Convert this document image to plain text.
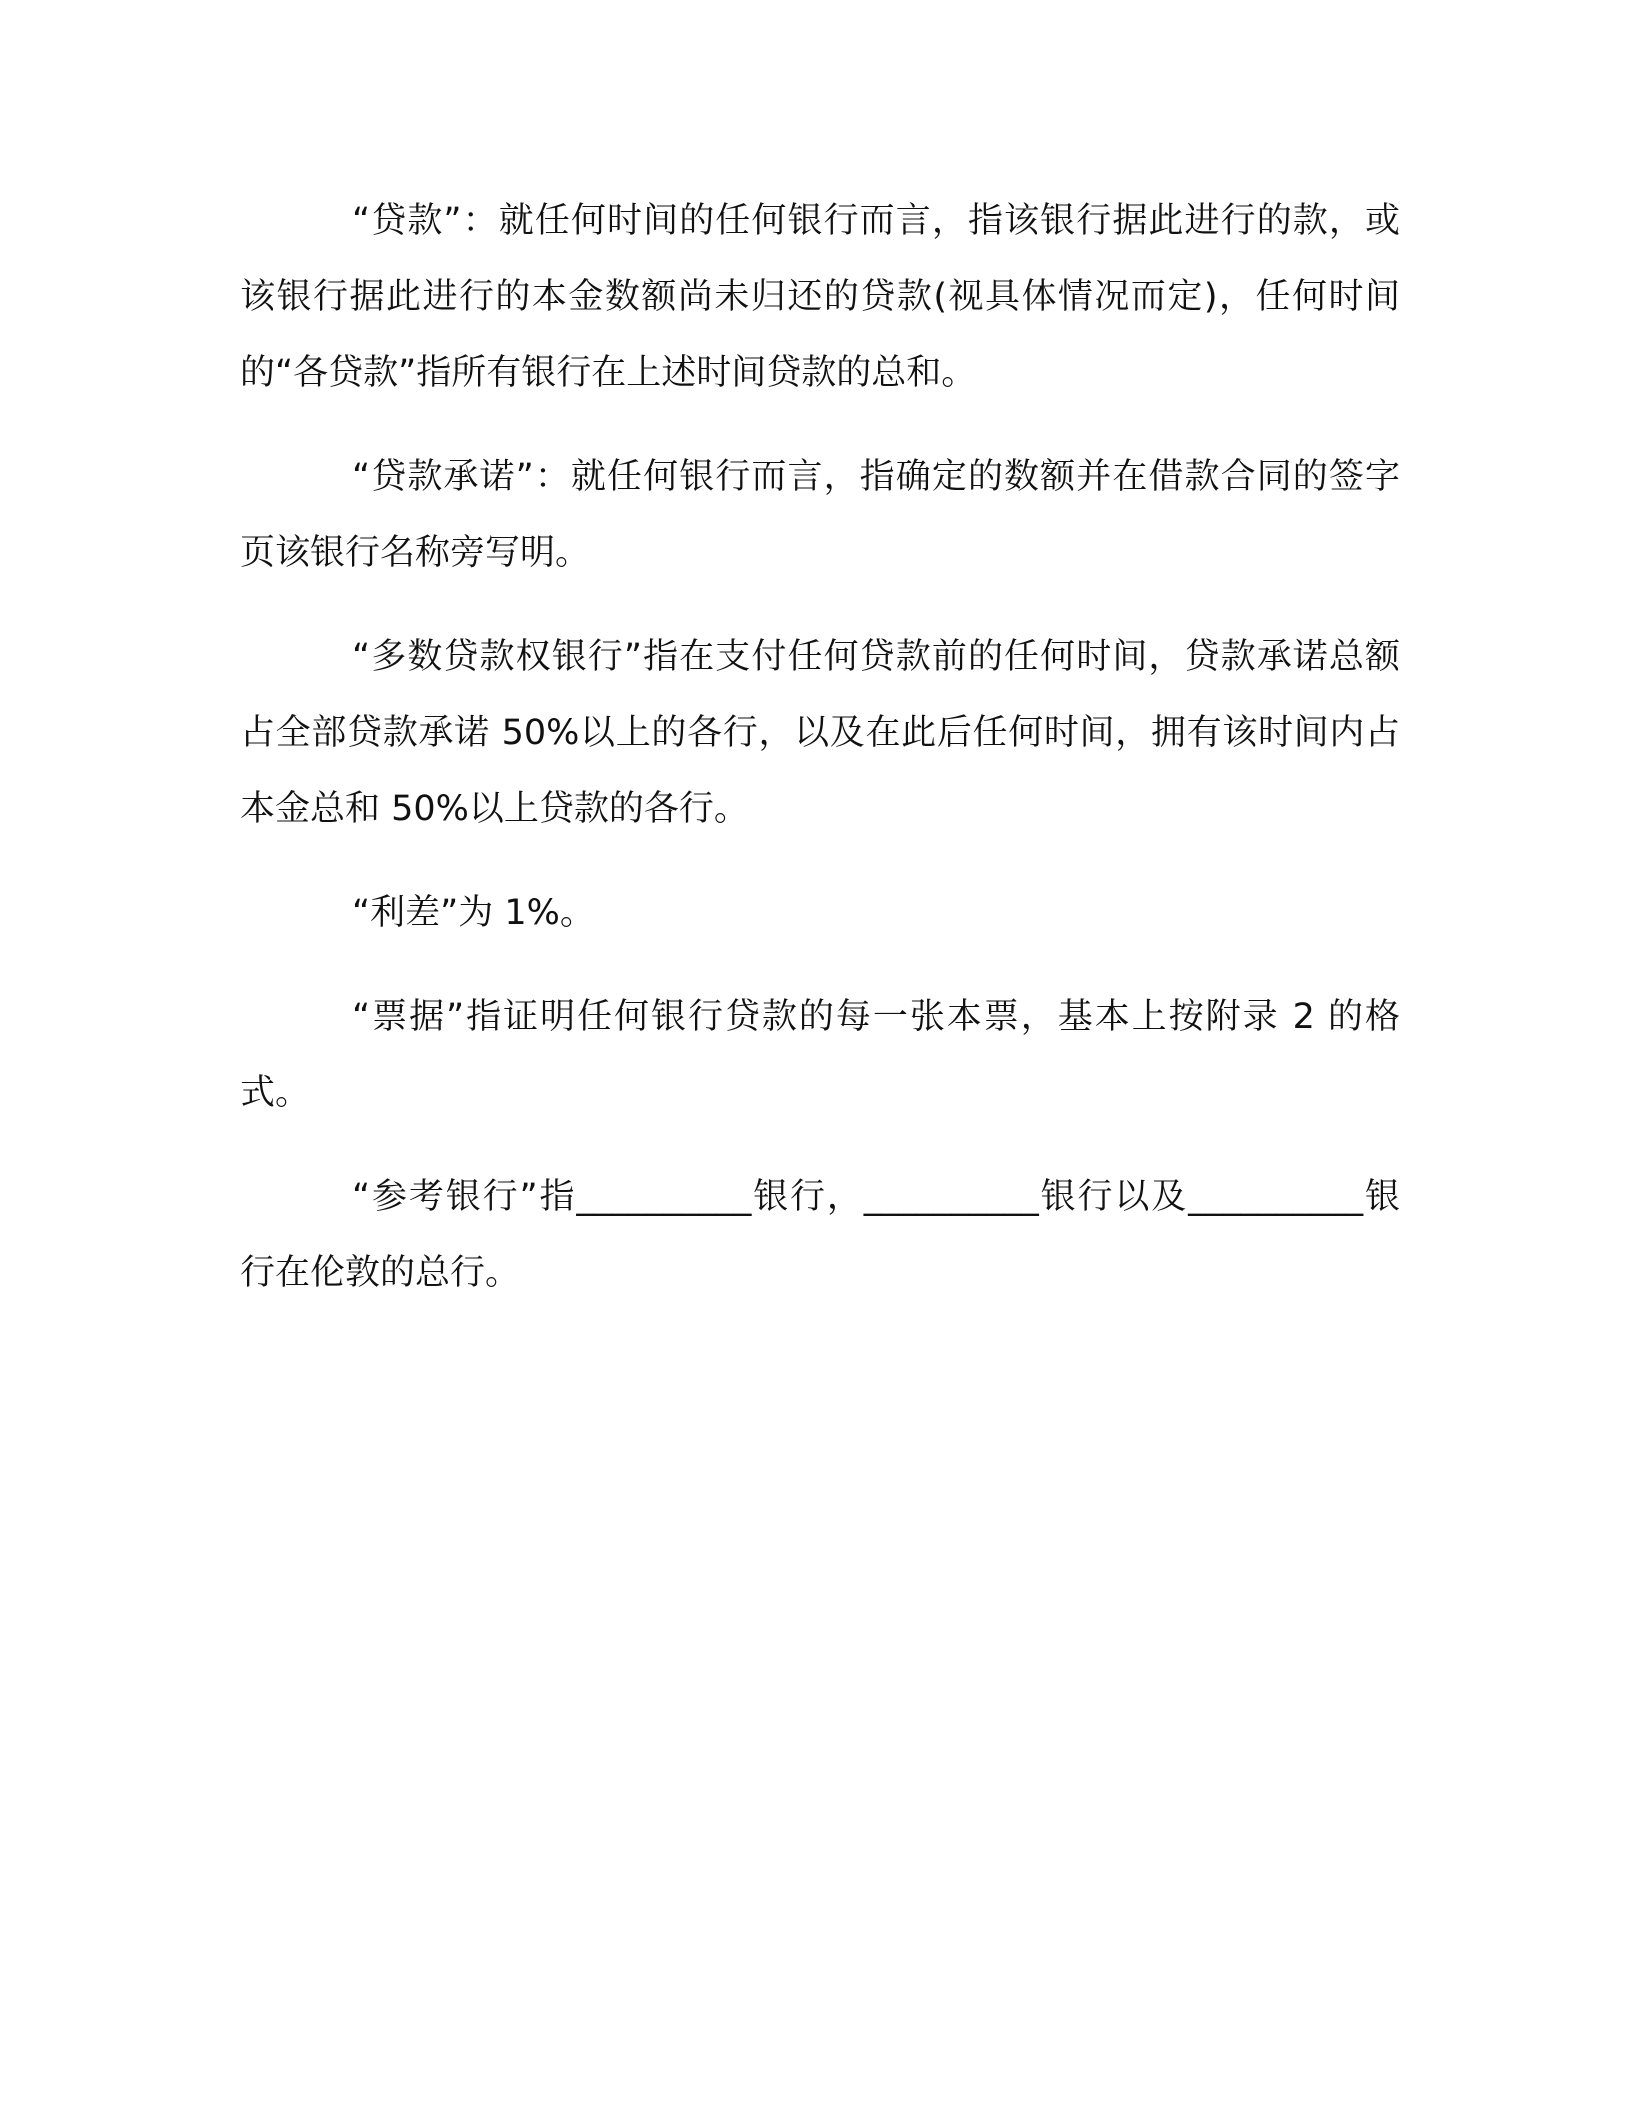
“贷款”：就任何时间的任何银行而言，指该银行据此进行的款，或该银行据此进行的本金数额尚未归还的贷款(视具体情况而定)，任何时间的“各贷款”指所有银行在上述时间贷款的总和。

“贷款承诺”：就任何银行而言，指确定的数额并在借款合同的签字页该银行名称旁写明。

“多数贷款权银行”指在支付任何贷款前的任何时间，贷款承诺总额占全部贷款承诺 50%以上的各行，以及在此后任何时间，拥有该时间内占本金总和 50%以上贷款的各行。

“利差”为 1%。

“票据”指证明任何银行贷款的每一张本票，基本上按附录 2 的格式。

“参考银行”指__________银行，__________银行以及__________银行在伦敦的总行。
